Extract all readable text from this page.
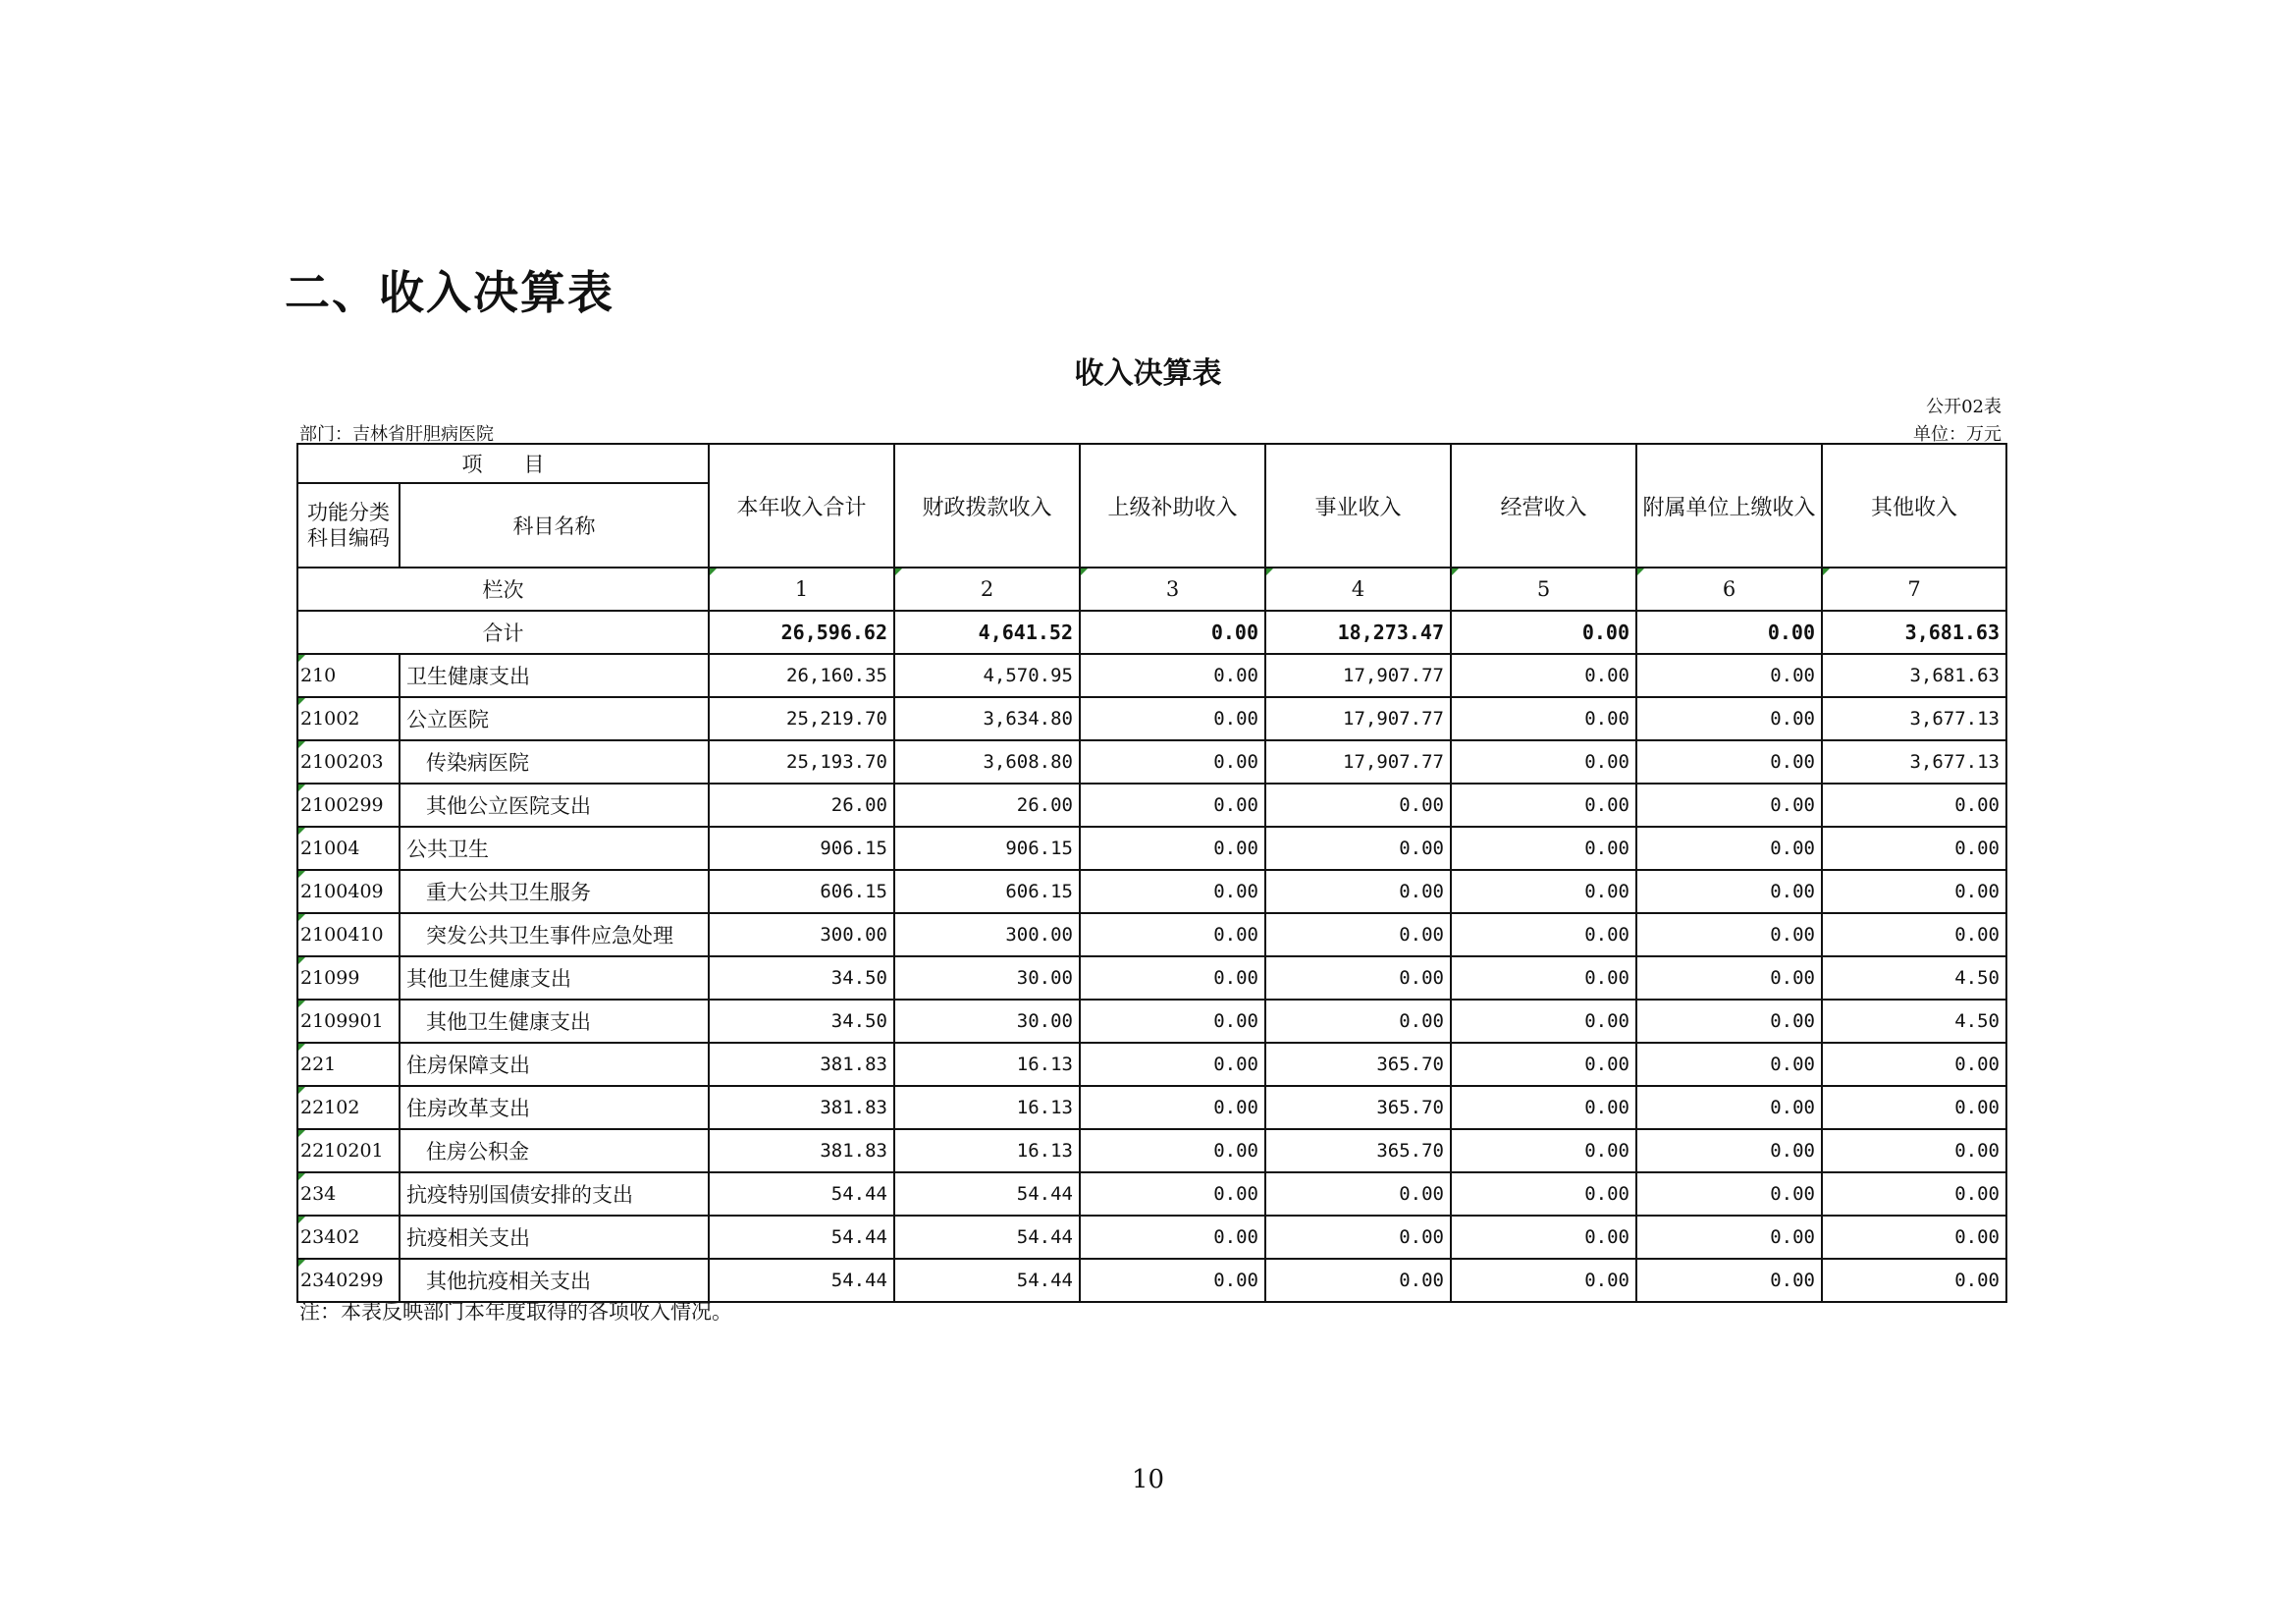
二、收入决算表
收入决算表
公开02表
部门：吉林省肝胆病医院	单位：万元
项　　目		本年收入合计	财政拨款收入	上级补助收入	事业收入	经营收入	附属单位上缴收入	其他收入

功能分类
科目编码	科目名称							
栏次		1	2	3	4	5	6	7
合计		26,596.62	4,641.52	0.00	18,273.47	0.00	0.00	3,681.63
210	卫生健康支出	26,160.35	4,570.95	0.00	17,907.77	0.00	0.00	3,681.63
21002	公立医院	25,219.70	3,634.80	0.00	17,907.77	0.00	0.00	3,677.13
2100203	传染病医院	25,193.70	3,608.80	0.00	17,907.77	0.00	0.00	3,677.13
2100299	其他公立医院支出	26.00	26.00	0.00	0.00	0.00	0.00	0.00
21004	公共卫生	906.15	906.15	0.00	0.00	0.00	0.00	0.00
2100409	重大公共卫生服务	606.15	606.15	0.00	0.00	0.00	0.00	0.00
2100410	突发公共卫生事件应急处理	300.00	300.00	0.00	0.00	0.00	0.00	0.00
21099	其他卫生健康支出	34.50	30.00	0.00	0.00	0.00	0.00	4.50
2109901	其他卫生健康支出	34.50	30.00	0.00	0.00	0.00	0.00	4.50
221	住房保障支出	381.83	16.13	0.00	365.70	0.00	0.00	0.00
22102	住房改革支出	381.83	16.13	0.00	365.70	0.00	0.00	0.00
2210201	住房公积金	381.83	16.13	0.00	365.70	0.00	0.00	0.00
234	抗疫特别国债安排的支出	54.44	54.44	0.00	0.00	0.00	0.00	0.00
23402	抗疫相关支出	54.44	54.44	0.00	0.00	0.00	0.00	0.00
2340299	其他抗疫相关支出	54.44	54.44	0.00	0.00	0.00	0.00	0.00
注：本表反映部门本年度取得的各项收入情况。
10
